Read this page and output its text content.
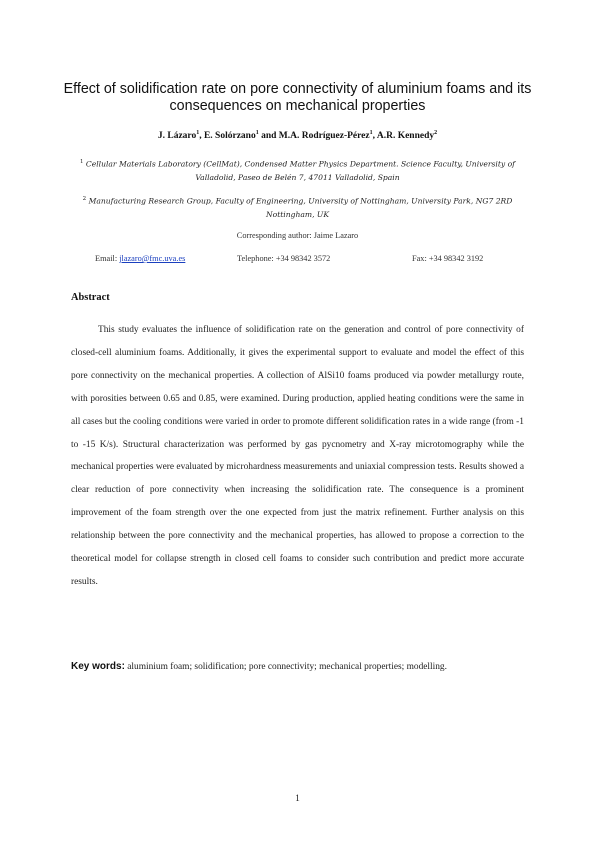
Effect of solidification rate on pore connectivity of aluminium foams and its consequences on mechanical properties
J. Lázaro$^1$, E. Solórzano$^1$ and M.A. Rodríguez-Pérez$^1$, A.R. Kennedy$^2$
$^1$ Cellular Materials Laboratory (CellMat), Condensed Matter Physics Department. Science Faculty, University of Valladolid, Paseo de Belén 7, 47011 Valladolid, Spain
$^2$ Manufacturing Research Group, Faculty of Engineering, University of Nottingham, University Park, NG7 2RD Nottingham, UK
Corresponding author: Jaime Lazaro
Email: jlazaro@fmc.uva.es	Telephone: +34 98342 3572	Fax: +34 98342 3192
Abstract

This study evaluates the influence of solidification rate on the generation and control of pore connectivity of closed-cell aluminium foams. Additionally, it gives the experimental support to evaluate and model the effect of this pore connectivity on the mechanical properties. A collection of AlSi10 foams produced via powder metallurgy route, with porosities between 0.65 and 0.85, were examined. During production, applied heating conditions were the same in all cases but the cooling conditions were varied in order to promote different solidification rates in a wide range (from -1 to -15 K/s). Structural characterization was performed by gas pycnometry and X-ray microtomography while the mechanical properties were evaluated by microhardness measurements and uniaxial compression tests. Results showed a clear reduction of pore connectivity when increasing the solidification rate. The consequence is a prominent improvement of the foam strength over the one expected from just the matrix refinement. Further analysis on this relationship between the pore connectivity and the mechanical properties, has allowed to propose a correction to the theoretical model for collapse strength in closed cell foams to consider such contribution and predict more accurate results.

Key words: aluminium foam; solidification; pore connectivity; mechanical properties; modelling.

1
